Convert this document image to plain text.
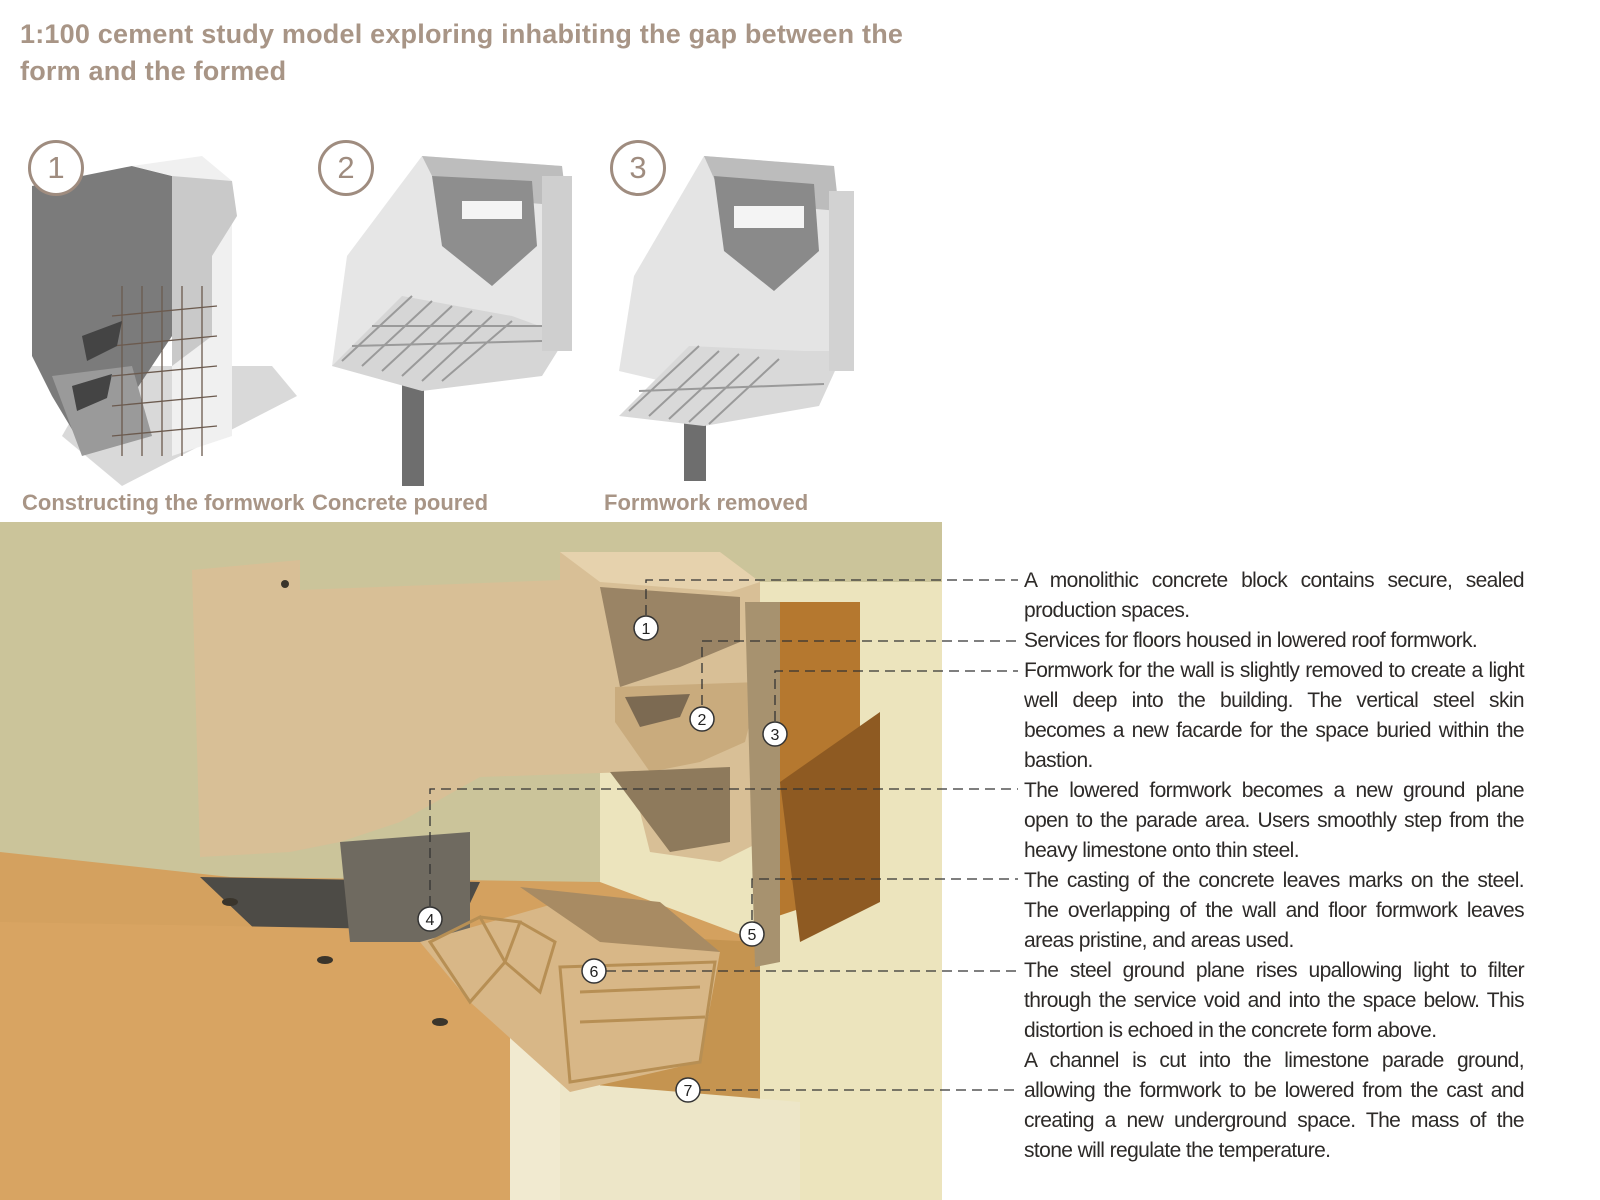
1:100 cement study model exploring inhabiting the gap between the form and the formed
1
Constructing the formwork
2
Concrete poured
3
Formwork removed
1
2
3
4
5
6
7
A monolithic concrete block contains secure, sealed production spaces.
Services for floors housed in lowered roof formwork.
Formwork for the wall is slightly removed to create a light well deep into the building. The vertical steel skin becomes a new facarde for the space buried within the bastion.
The lowered formwork becomes a new ground plane open to the parade area. Users smoothly step from the heavy limestone onto thin steel.
The casting of the concrete leaves marks on the steel. The overlapping of the wall and floor formwork leaves areas pristine, and areas used.
The steel ground plane rises upallowing light to filter through the service void and into the space below. This distortion is echoed in the concrete form above.
A channel is cut into the limestone parade ground, allowing the formwork to be lowered from the cast and creating a new underground space. The mass of the stone will regulate the temperature.
